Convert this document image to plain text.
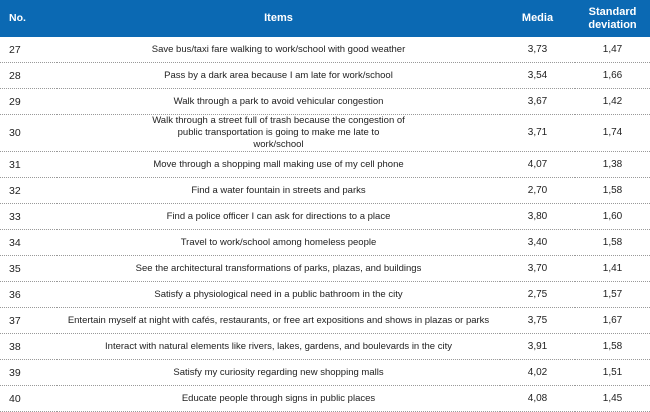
No.	Items	Media	Standard deviation
27	Save bus/taxi fare walking to work/school with good weather	3,73	1,47
28	Pass by a dark area because I am late for work/school	3,54	1,66
29	Walk through a park to avoid vehicular congestion	3,67	1,42
30	Walk through a street full of trash because the congestion of public transportation is going to make me late to work/school	3,71	1,74
31	Move through a shopping mall making use of my cell phone	4,07	1,38
32	Find a water fountain in streets and parks	2,70	1,58
33	Find a police officer I can ask for directions to a place	3,80	1,60
34	Travel to work/school among homeless people	3,40	1,58
35	See the architectural transformations of parks, plazas, and buildings	3,70	1,41
36	Satisfy a physiological need in a public bathroom in the city	2,75	1,57
37	Entertain myself at night with cafés, restaurants, or free art expositions and shows in plazas or parks	3,75	1,67
38	Interact with natural elements like rivers, lakes, gardens, and boulevards in the city	3,91	1,58
39	Satisfy my curiosity regarding new shopping malls	4,02	1,51
40	Educate people through signs in public places	4,08	1,45
